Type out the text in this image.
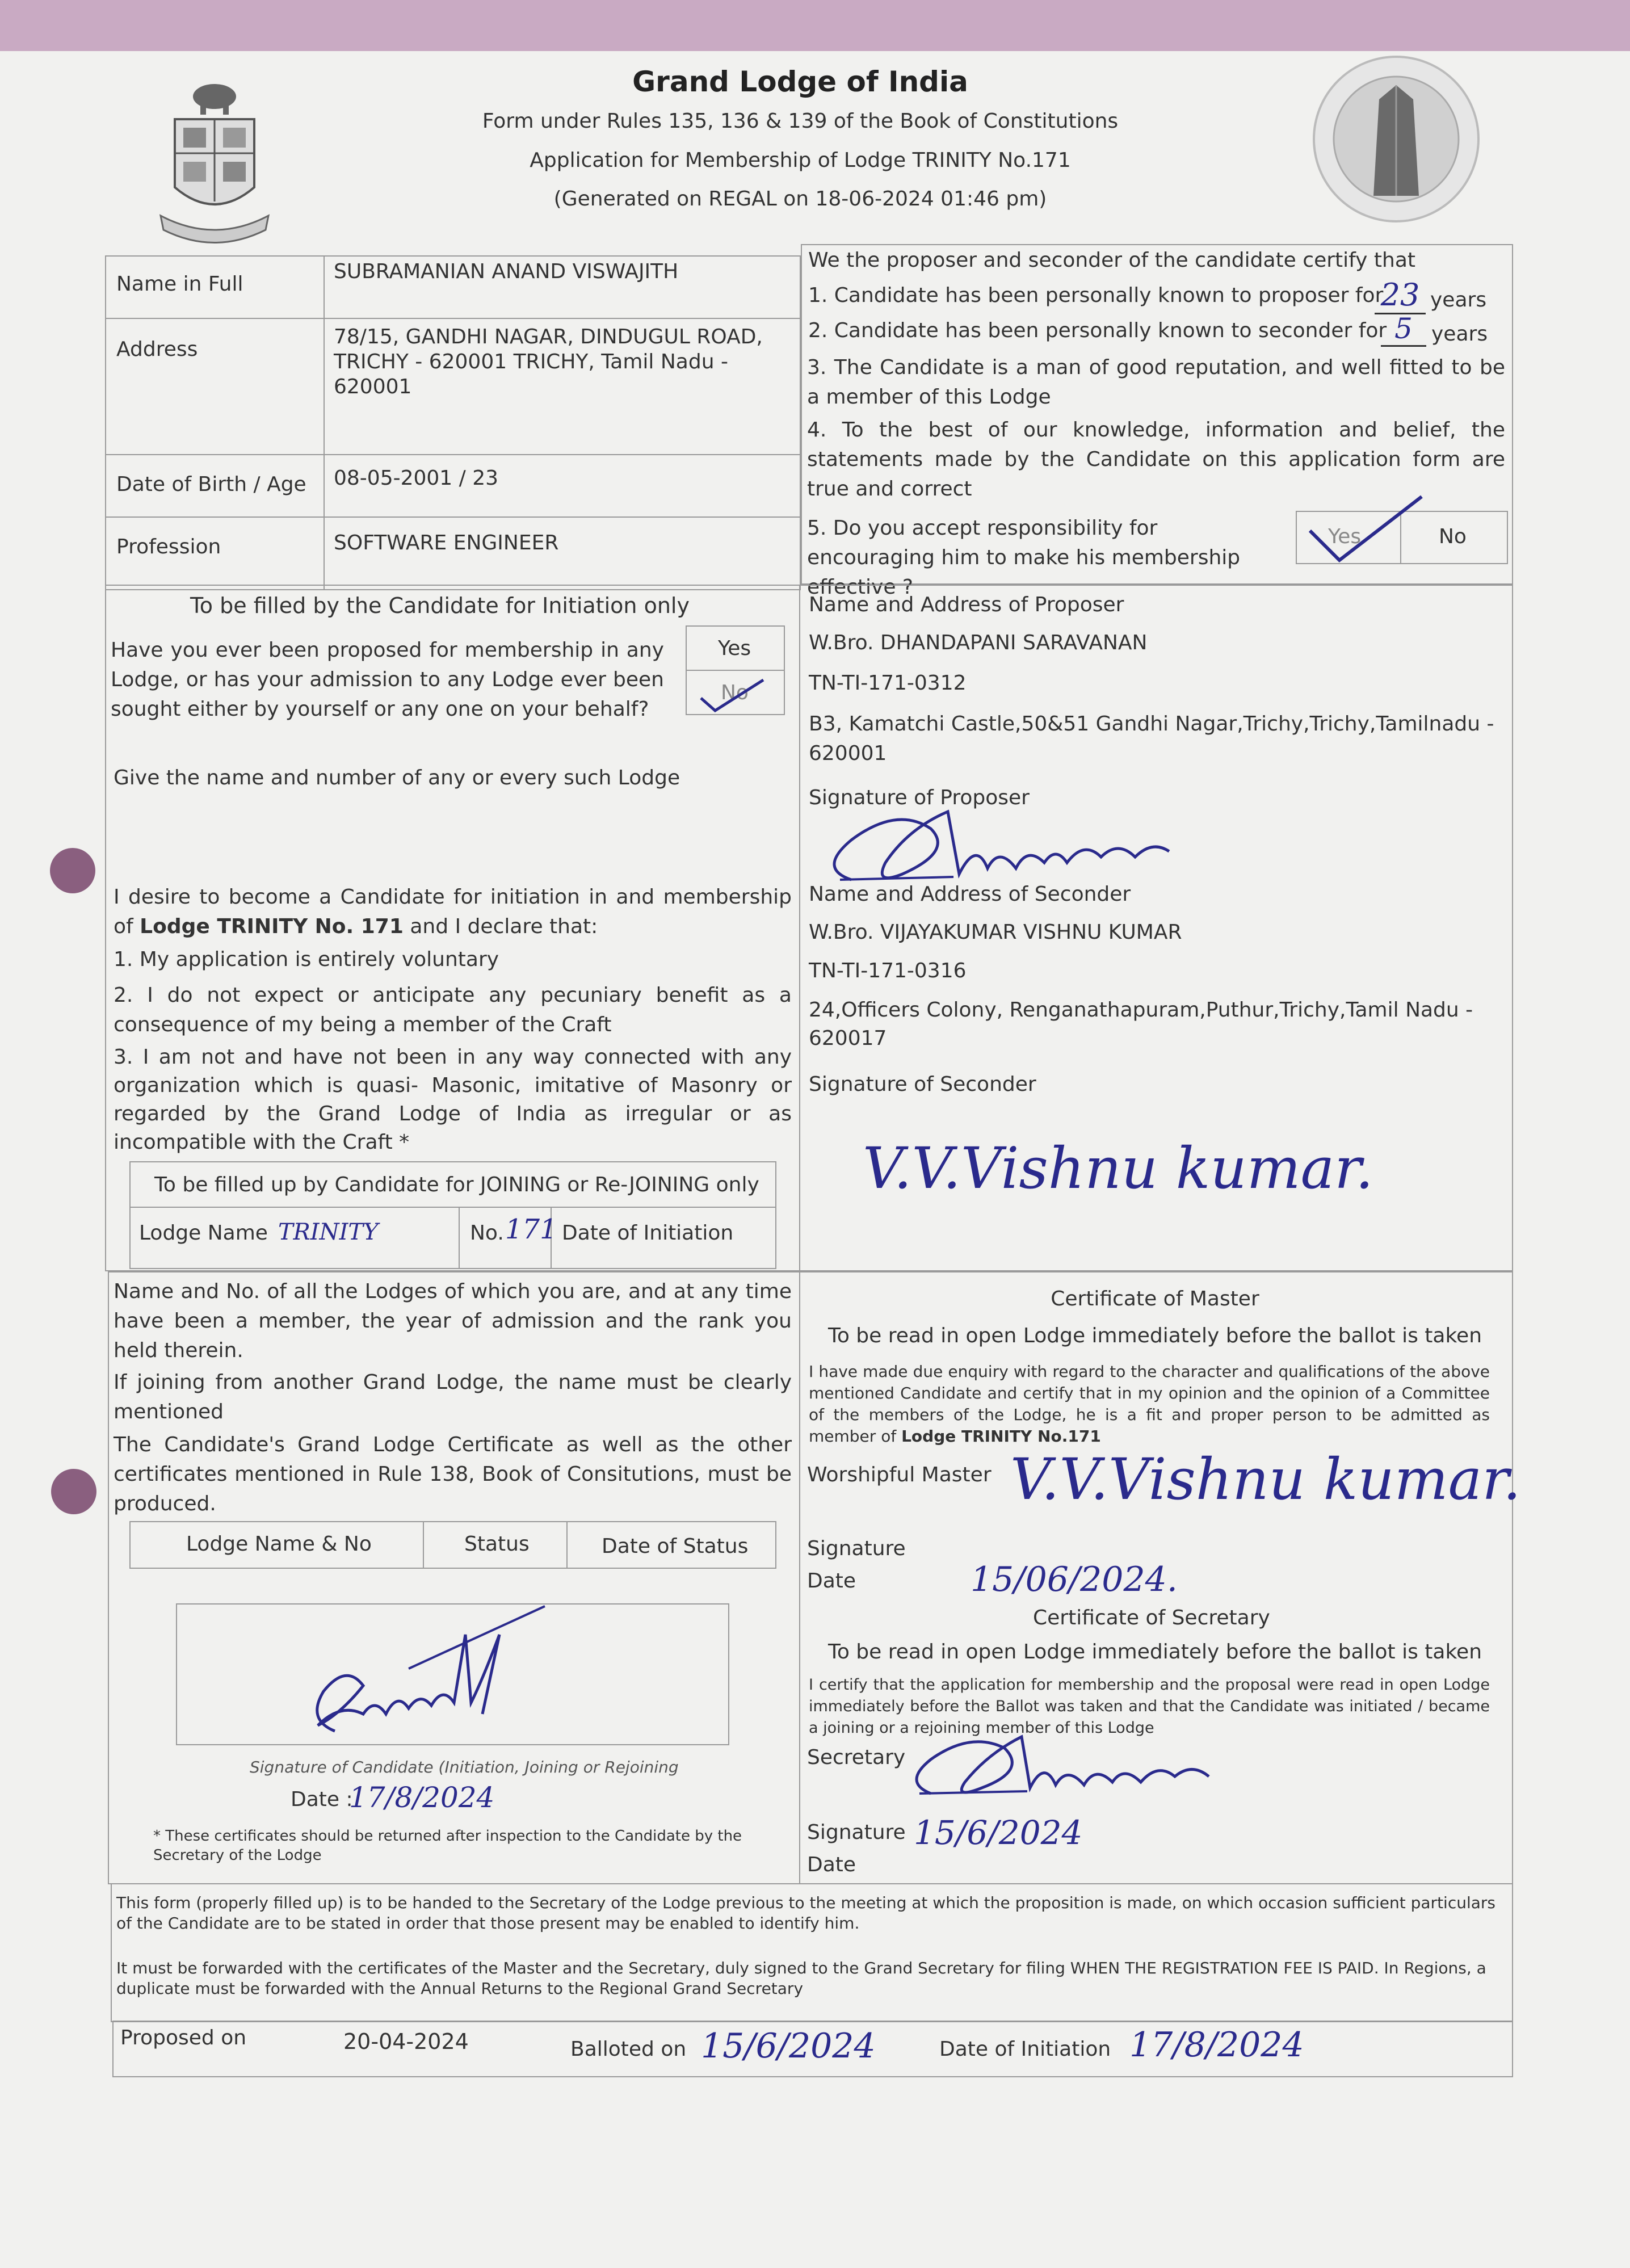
Grand Lodge of India
Form under Rules 135, 136 & 139 of the Book of Constitutions
Application for Membership of Lodge TRINITY No.171
(Generated on REGAL on 18-06-2024 01:46 pm)
Name in Full
SUBRAMANIAN ANAND VISWAJITH
Address
78/15, GANDHI NAGAR, DINDUGUL ROAD, TRICHY - 620001 TRICHY, Tamil Nadu - 620001
Date of Birth / Age 08-05-2001 / 23
Profession	SOFTWARE ENGINEER
We the proposer and seconder of the candidate certify that
1. Candidate has been personally known to proposer for
23 years
2. Candidate has been personally known to seconder for 5 years
3. The Candidate is a man of good reputation, and well fitted to be a member of this Lodge
4. To the best of our knowledge, information and belief, the statements made by the Candidate on this application form are true and correct
5. Do you accept responsibility for encouraging him to make his membership effective ?
Yes	No
To be filled by the Candidate for Initiation only
Have you ever been proposed for membership in any Lodge, or has your admission to any Lodge ever been sought either by yourself or any one on your behalf?
Yes
No
Give the name and number of any or every such Lodge
I desire to become a Candidate for initiation in and membership of Lodge TRINITY No. 171 and I declare that:
1. My application is entirely voluntary
2. I do not expect or anticipate any pecuniary benefit as a consequence of my being a member of the Craft
3. I am not and have not been in any way connected with any organization which is quasi- Masonic, imitative of Masonry or regarded by the Grand Lodge of India as irregular or as incompatible with the Craft *
To be filled up by Candidate for JOINING or Re-JOINING only
Lodge Name TRINITY	No. 171 Date of Initiation
Name and Address of Proposer
W.Bro. DHANDAPANI SARAVANAN
TN-TI-171-0312
B3, Kamatchi Castle,50&51 Gandhi Nagar,Trichy,Trichy,Tamilnadu - 620001
Signature of Proposer
Name and Address of Seconder
W.Bro. VIJAYAKUMAR VISHNU KUMAR
TN-TI-171-0316
24,Officers Colony, Renganathapuram,Puthur,Trichy,Tamil Nadu - 620017
Signature of Seconder
V.V.Vishnu kumar.
Name and No. of all the Lodges of which you are, and at any time have been a member, the year of admission and the rank you held therein.
If joining from another Grand Lodge, the name must be clearly mentioned
The Candidate's Grand Lodge Certificate as well as the other certificates mentioned in Rule 138, Book of Consitutions, must be produced.
Lodge Name & No	Status	Date of Status
Signature of Candidate (Initiation, Joining or Rejoining
Date :
17/8/2024
* These certificates should be returned after inspection to the Candidate by the Secretary of the Lodge
Certificate of Master
To be read in open Lodge immediately before the ballot is taken
I have made due enquiry with regard to the character and qualifications of the above mentioned Candidate and certify that in my opinion and the opinion of a Committee of the members of the Lodge, he is a fit and proper person to be admitted as member of Lodge TRINITY No.171
Worshipful Master V.V.Vishnu kumar.
Signature
Date	15/06/2024.
Certificate of Secretary
To be read in open Lodge immediately before the ballot is taken
I certify that the application for membership and the proposal were read in open Lodge immediately before the Ballot was taken and that the Candidate was initiated / became a joining or a rejoining member of this Lodge
Secretary
Signature
Date
15/6/2024
This form (properly filled up) is to be handed to the Secretary of the Lodge previous to the meeting at which the proposition is made, on which occasion sufficient particulars of the Candidate are to be stated in order that those present may be enabled to identify him.
It must be forwarded with the certificates of the Master and the Secretary, duly signed to the Grand Secretary for filing WHEN THE REGISTRATION FEE IS PAID. In Regions, a duplicate must be forwarded with the Annual Returns to the Regional Grand Secretary
Proposed on	20-04-2024	Balloted on 15/6/2024	Date of Initiation 17/8/2024
